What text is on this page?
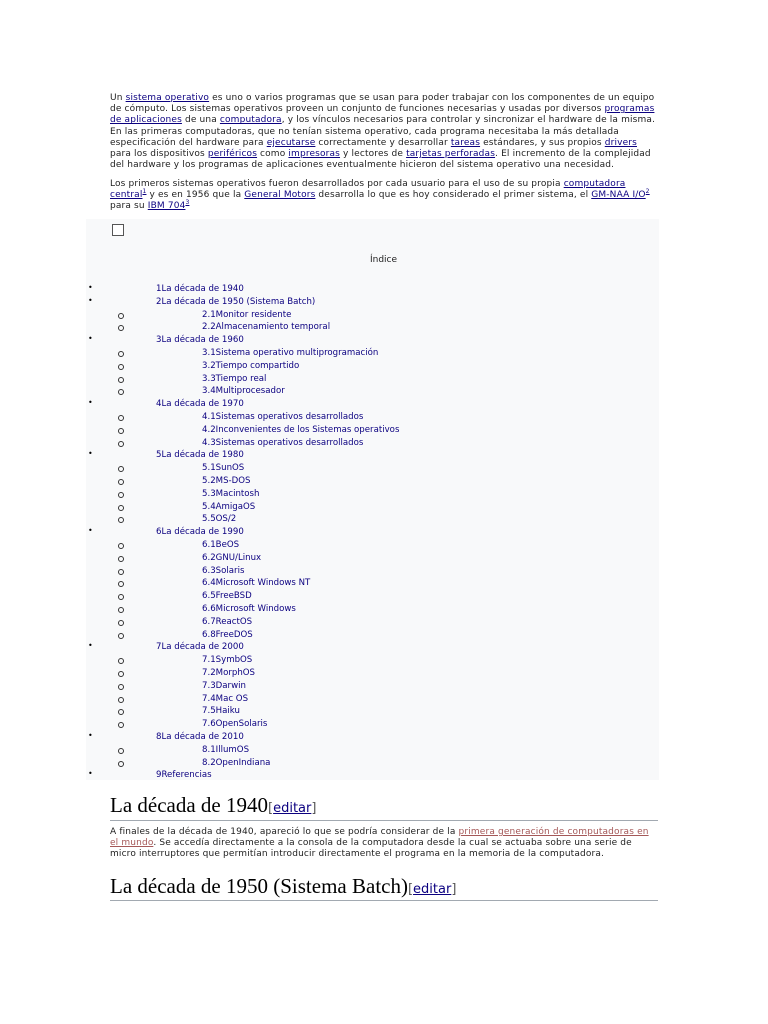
Un sistema operativo es uno o varios programas que se usan para poder trabajar con los componentes de un equipo de cómputo. Los sistemas operativos proveen un conjunto de funciones necesarias y usadas por diversos programas de aplicaciones de una computadora, y los vínculos necesarios para controlar y sincronizar el hardware de la misma. En las primeras computadoras, que no tenían sistema operativo, cada programa necesitaba la más detallada especificación del hardware para ejecutarse correctamente y desarrollar tareas estándares, y sus propios drivers para los dispositivos periféricos como impresoras y lectores de tarjetas perforadas. El incremento de la complejidad del hardware y los programas de aplicaciones eventualmente hicieron del sistema operativo una necesidad.
Los primeros sistemas operativos fueron desarrollados por cada usuario para el uso de su propia computadora central$^1$ y es en 1956 que la General Motors desarrolla lo que es hoy considerado el primer sistema, el GM-NAA $I/O^2$ para su IBM $704^3$
Índice
1La década de 1940
•
2La década de 1950 (Sistema Batch)
•
2.1Monitor residente
2.2Almacenamiento temporal
3La década de 1960
•
3.1Sistema operativo multiprogramación
3.2Tiempo compartido
3.3Tiempo real
3.4Multiprocesador
4La década de 1970
•
4.1Sistemas operativos desarrollados
4.2Inconvenientes de los Sistemas operativos
4.3Sistemas operativos desarrollados
5La década de 1980
•
5.1SunOS
5.2MS-DOS
5.3Macintosh
5.4AmigaOS
5.5OS/2
6La década de 1990
•
6.1BeOS
6.2GNU/Linux
6.3Solaris
6.4Microsoft Windows NT
6.5FreeBSD
6.6Microsoft Windows
6.7ReactOS
6.8FreeDOS
7La década de 2000
•
7.1SymbOS
7.2MorphOS
7.3Darwin
7.4Mac OS
7.5Haiku
7.6OpenSolaris
8La década de 2010
•
8.1IllumOS
8.2OpenIndiana
9Referencias
•
La década de 1940[editar]
A finales de la década de 1940, apareció lo que se podría considerar de la primera generación de computadoras en el mundo. Se accedía directamente a la consola de la computadora desde la cual se actuaba sobre una serie de micro interruptores que permitían introducir directamente el programa en la memoria de la computadora.
La década de 1950 (Sistema Batch)[editar]
